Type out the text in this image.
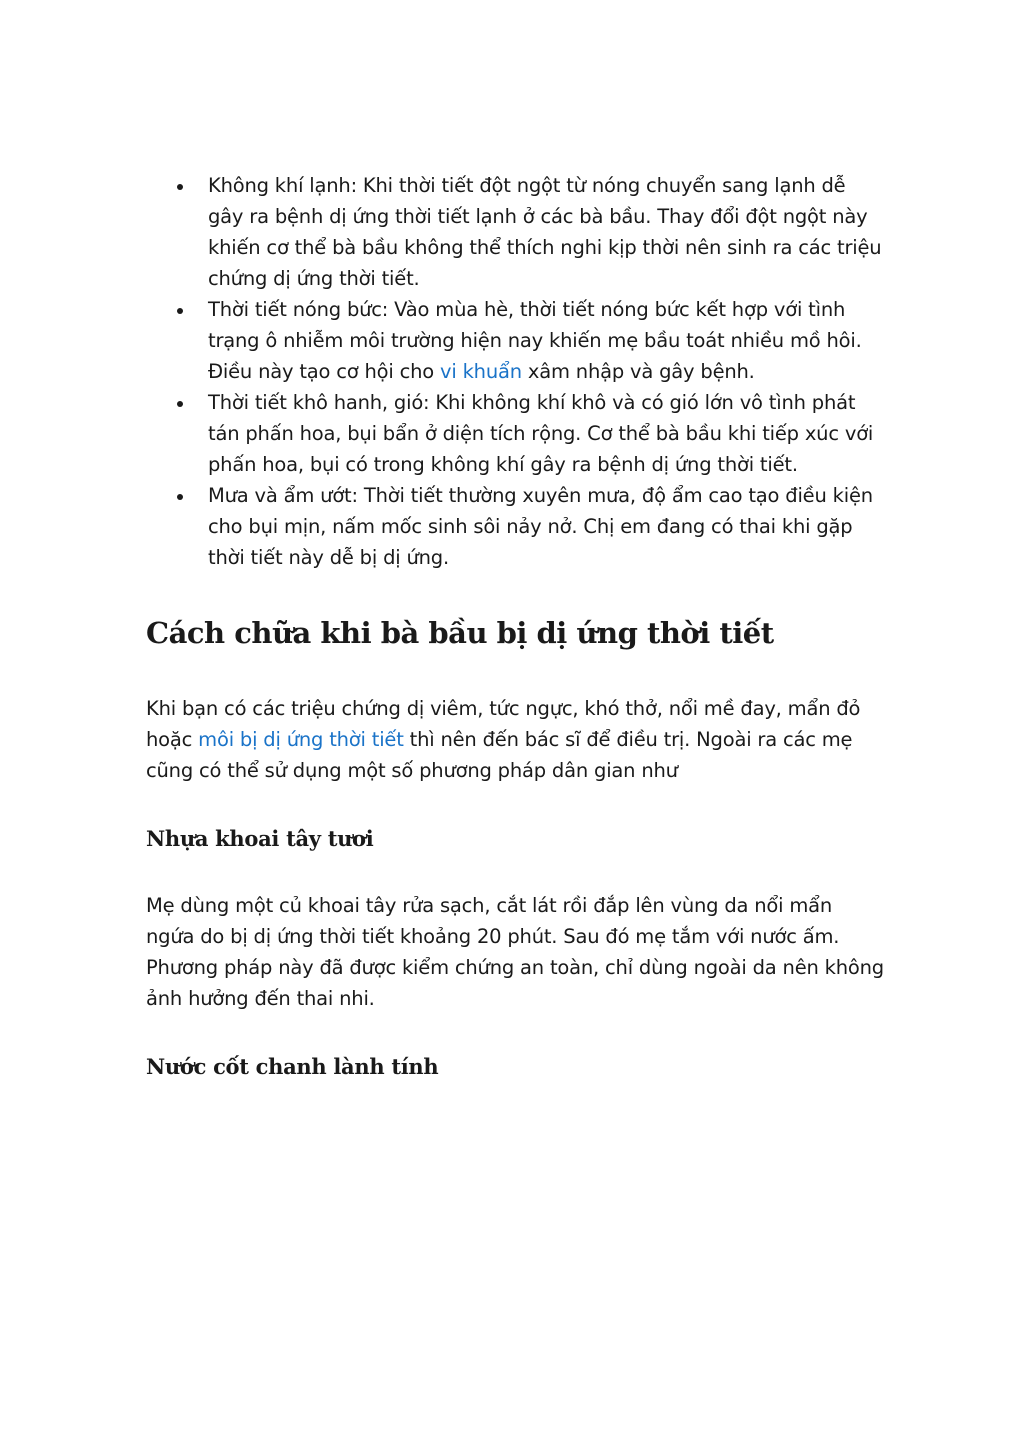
Không khí lạnh: Khi thời tiết đột ngột từ nóng chuyển sang lạnh dễ gây ra bệnh dị ứng thời tiết lạnh ở các bà bầu. Thay đổi đột ngột này khiến cơ thể bà bầu không thể thích nghi kịp thời nên sinh ra các triệu chứng dị ứng thời tiết.
Thời tiết nóng bức: Vào mùa hè, thời tiết nóng bức kết hợp với tình trạng ô nhiễm môi trường hiện nay khiến mẹ bầu toát nhiều mồ hôi. Điều này tạo cơ hội cho vi khuẩn xâm nhập và gây bệnh.
Thời tiết khô hanh, gió: Khi không khí khô và có gió lớn vô tình phát tán phấn hoa, bụi bẩn ở diện tích rộng. Cơ thể bà bầu khi tiếp xúc với phấn hoa, bụi có trong không khí gây ra bệnh dị ứng thời tiết.
Mưa và ẩm ướt: Thời tiết thường xuyên mưa, độ ẩm cao tạo điều kiện cho bụi mịn, nấm mốc sinh sôi nảy nở. Chị em đang có thai khi gặp thời tiết này dễ bị dị ứng.
Cách chữa khi bà bầu bị dị ứng thời tiết

Khi bạn có các triệu chứng dị viêm, tức ngực, khó thở, nổi mề đay, mẩn đỏ hoặc môi bị dị ứng thời tiết thì nên đến bác sĩ để điều trị. Ngoài ra các mẹ cũng có thể sử dụng một số phương pháp dân gian như

Nhựa khoai tây tươi

Mẹ dùng một củ khoai tây rửa sạch, cắt lát rồi đắp lên vùng da nổi mẩn ngứa do bị dị ứng thời tiết khoảng 20 phút. Sau đó mẹ tắm với nước ấm. Phương pháp này đã được kiểm chứng an toàn, chỉ dùng ngoài da nên không ảnh hưởng đến thai nhi.

Nước cốt chanh lành tính
